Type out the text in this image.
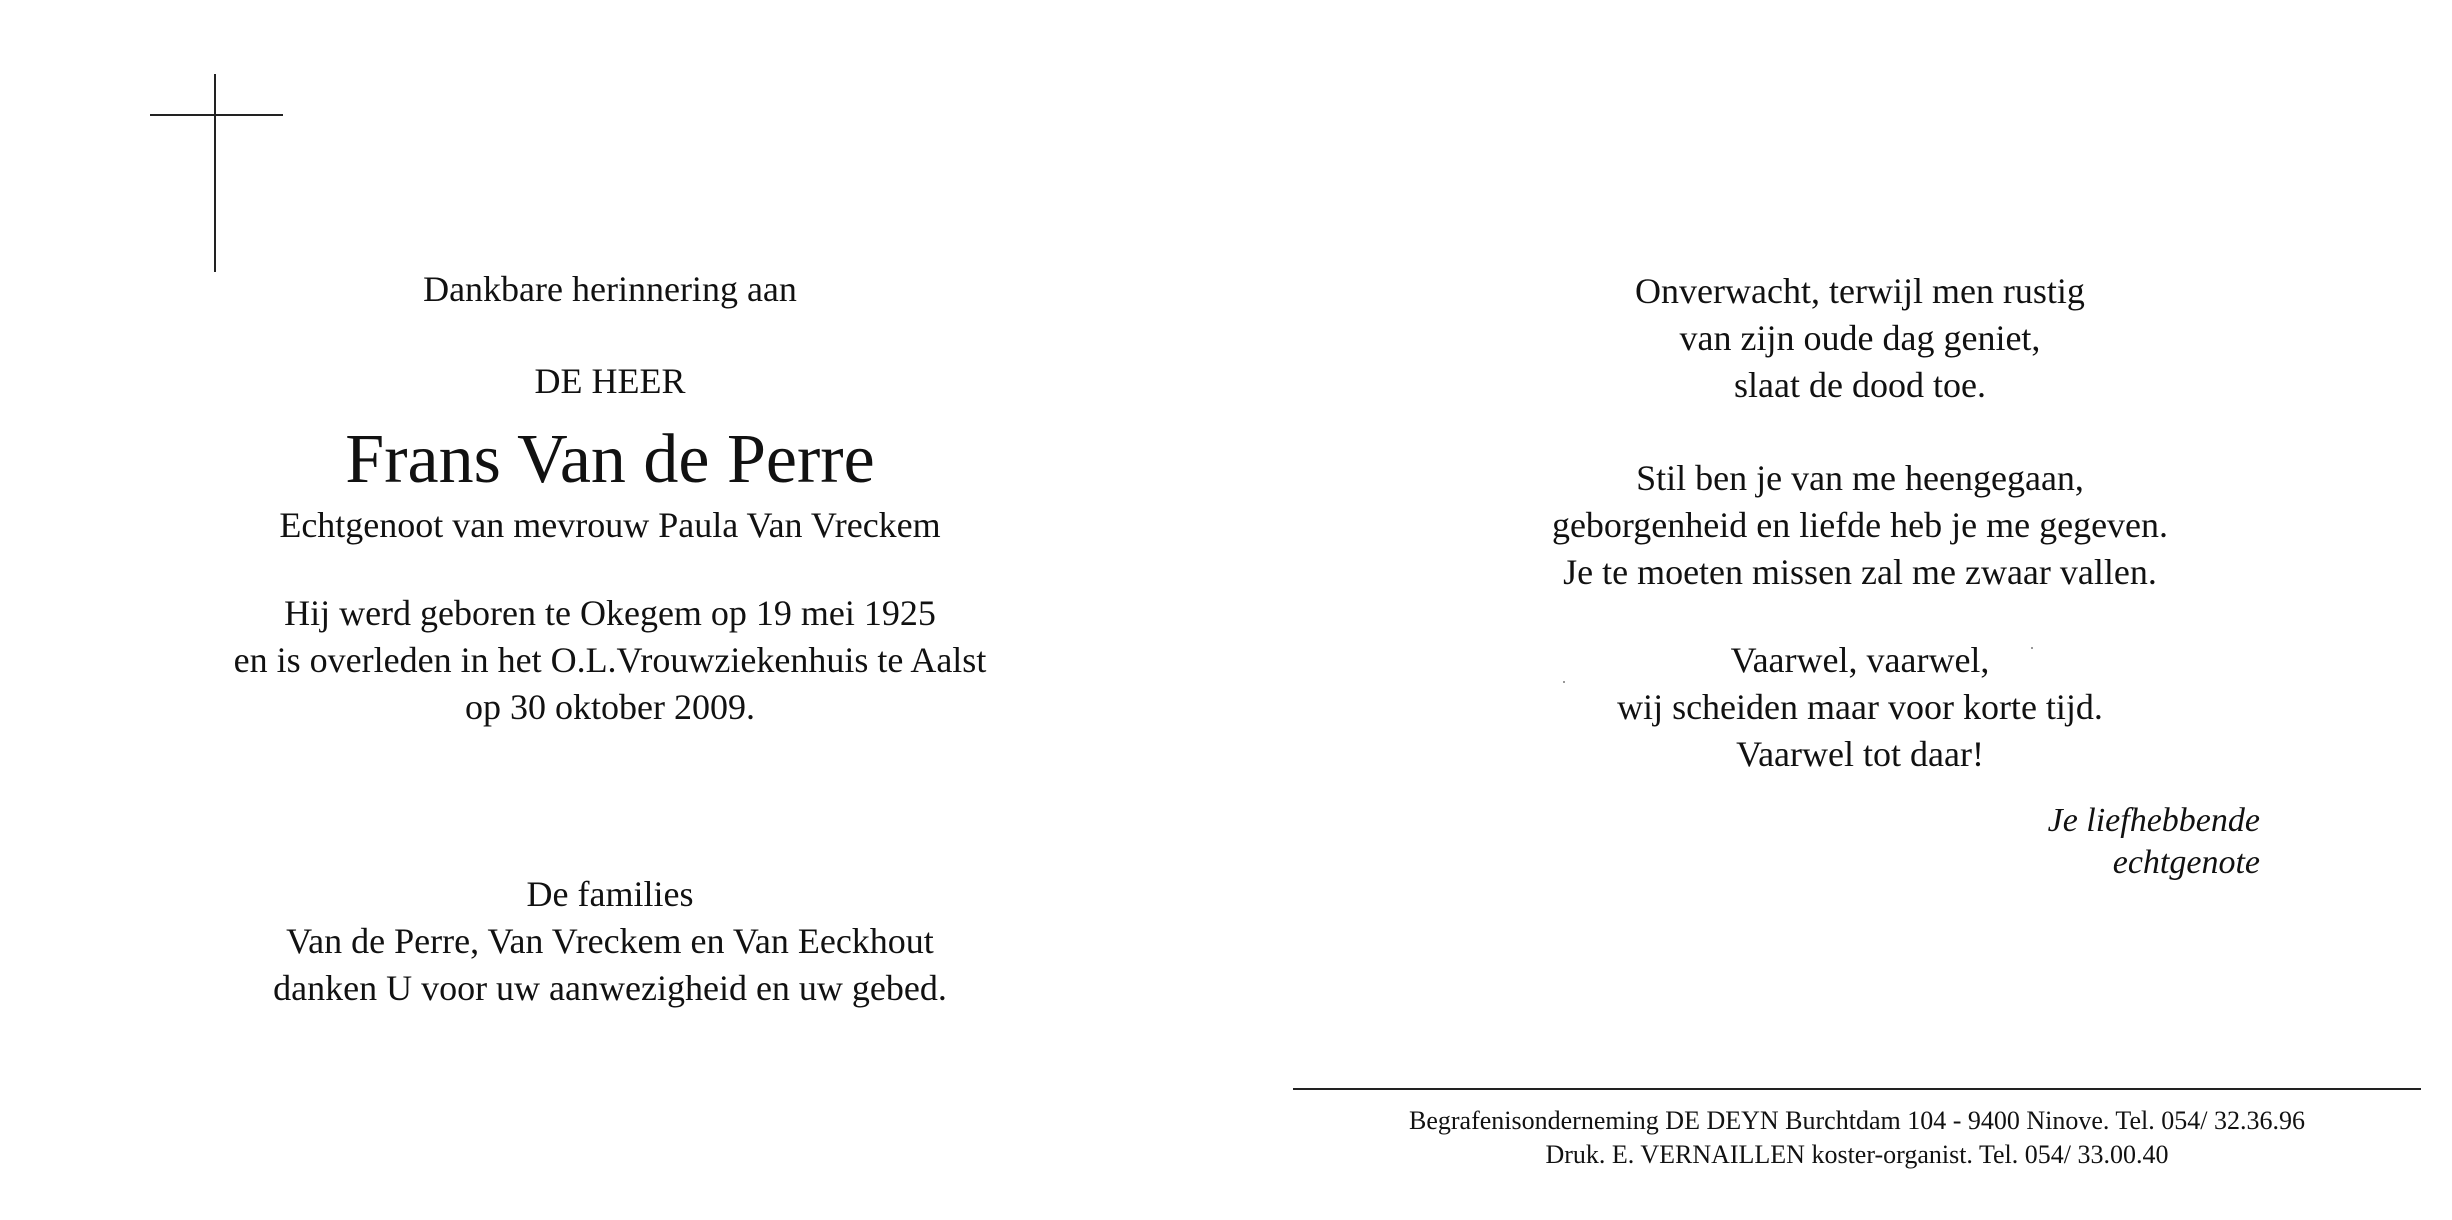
Dankbare herinnering aan
DE HEER
Frans Van de Perre
Echtgenoot van mevrouw Paula Van Vreckem
Hij werd geboren te Okegem op 19 mei 1925
en is overleden in het O.L.Vrouwziekenhuis te Aalst
op 30 oktober 2009.
De families
Van de Perre, Van Vreckem en Van Eeckhout
danken U voor uw aanwezigheid en uw gebed.
Onverwacht, terwijl men rustig
van zijn oude dag geniet,
slaat de dood toe.
Stil ben je van me heengegaan,
geborgenheid en liefde heb je me gegeven.
Je te moeten missen zal me zwaar vallen.
Vaarwel, vaarwel,
wij scheiden maar voor korte tijd.
Vaarwel tot daar!
Je liefhebbende
echtgenote
Begrafenisonderneming DE DEYN Burchtdam 104 - 9400 Ninove. Tel. 054/ 32.36.96
Druk. E. VERNAILLEN koster-organist. Tel. 054/ 33.00.40
